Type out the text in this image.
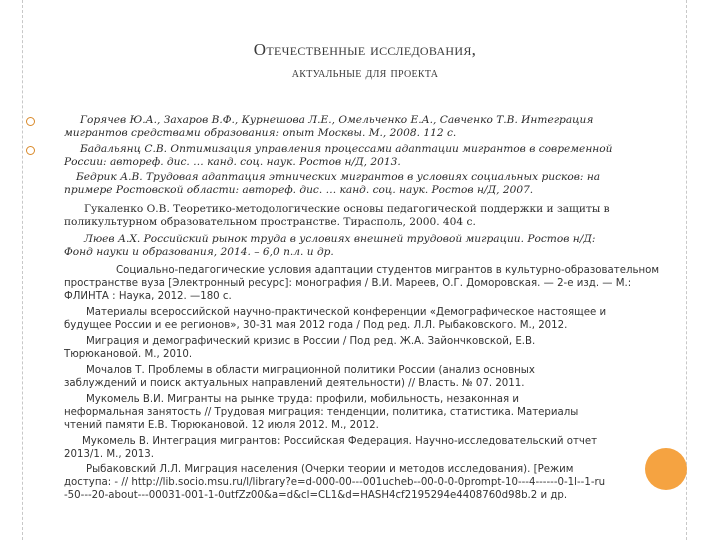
Отечественные исследования,
актуальные для проекта
Горячев Ю.А., Захаров В.Ф., Курнешова Л.Е., Омельченко Е.А., Савченко Т.В. Интеграция
мигрантов средствами образования: опыт Москвы. М., 2008. 112 с.
Бадальянц С.В. Оптимизация управления процессами адаптации мигрантов в современной
России: автореф. дис. … канд. соц. наук. Ростов н/Д, 2013.
Бедрик А.В. Трудовая адаптация этнических мигрантов в условиях социальных рисков: на
примере Ростовской области: автореф. дис. … канд. соц. наук. Ростов н/Д, 2007.
Гукаленко О.В. Теоретико-методологические основы педагогической поддержки и защиты в
поликультурном образовательном пространстве. Тирасполь, 2000. 404 с.
Люев А.Х. Российский рынок труда в условиях внешней трудовой миграции. Ростов н/Д:
Фонд науки и образования, 2014. – 6,0 п.л. и др.
Социально-педагогические условия адаптации студентов мигрантов в культурно-образовательном
пространстве вуза [Электронный ресурс]: монография / В.И. Мареев, О.Г. Доморовская. — 2-е изд. — М.:
ФЛИНТА : Наука, 2012. —180 с.
Материалы всероссийской научно-практической конференции «Демографическое настоящее и
будущее России и ее регионов», 30-31 мая 2012 года / Под ред. Л.Л. Рыбаковского. М., 2012.
Миграция и демографический кризис в России / Под ред. Ж.А. Зайончковской, Е.В.
Тюрюкановой. М., 2010.
Мочалов Т. Проблемы в области миграционной политики России (анализ основных
заблуждений и поиск актуальных направлений деятельности) // Власть. № 07. 2011.
Мукомель В.И. Мигранты на рынке труда: профили, мобильность, незаконная и
неформальная занятость // Трудовая миграция: тенденции, политика, статистика. Материалы
чтений памяти Е.В. Тюрюкановой. 12 июля 2012. М., 2012.
Мукомель В. Интеграция мигрантов: Российская Федерация. Научно-исследовательский отчет
2013/1. М., 2013.
Рыбаковский Л.Л. Миграция населения (Очерки теории и методов исследования). [Режим
доступа: - // http://lib.socio.msu.ru/l/library?e=d-000-00---001ucheb--00-0-0-0prompt-10---4------0-1l--1-ru
-50---20-about---00031-001-1-0utfZz00&a=d&cl=CL1&d=HASH4cf2195294e4408760d98b.2 и др.
